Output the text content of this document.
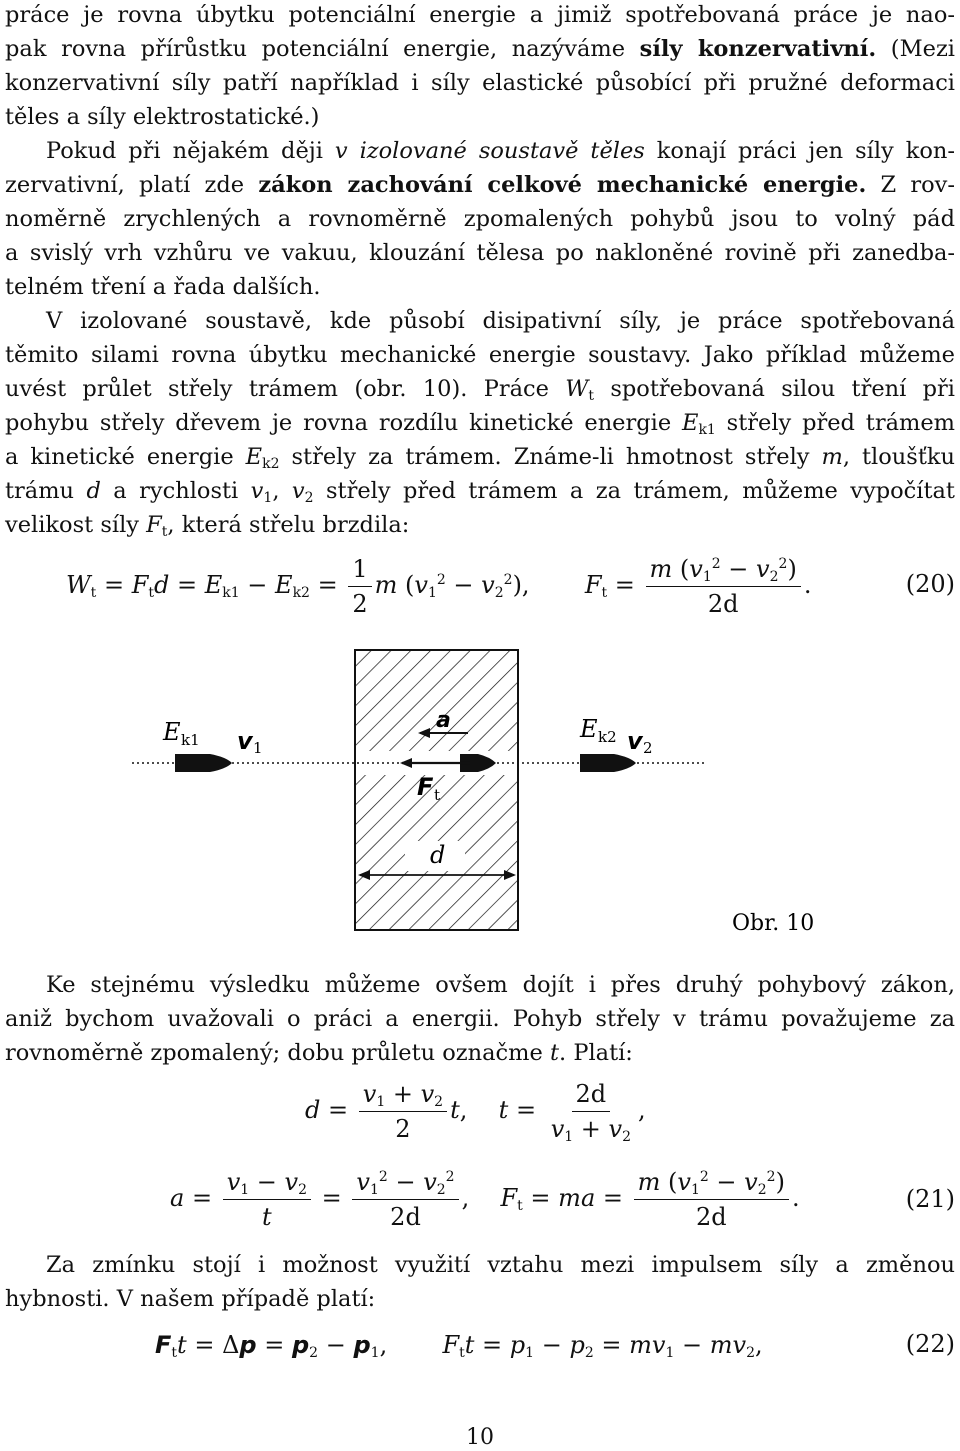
práce je rovna úbytku potenciální energie a jimiž spotřebovaná práce je nao-
pak rovna přírůstku potenciální energie, nazýváme síly konzervativní. (Mezi
konzervativní síly patří například i síly elastické působící při pružné deformaci
těles a síly elektrostatické.)
Pokud při nějakém ději v izolované soustavě těles konají práci jen síly kon-
zervativní, platí zde zákon zachování celkové mechanické energie. Z rov-
noměrně zrychlených a rovnoměrně zpomalených pohybů jsou to volný pád
a svislý vrh vzhůru ve vakuu, klouzání tělesa po nakloněné rovině při zanedba-
telném tření a řada dalších.
V izolované soustavě, kde působí disipativní síly, je práce spotřebovaná
těmito silami rovna úbytku mechanické energie soustavy. Jako příklad můžeme
uvést průlet střely trámem (obr. 10). Práce $W_t$ spotřebovaná silou tření při
pohybu střely dřevem je rovna rozdílu kinetické energie $E_{k1}$ střely před trámem
a kinetické energie $E_{k2}$ střely za trámem. Známe-li hmotnost střely m, tloušťku
trámu d a rychlosti $v_1$, $v_2$ střely před trámem a za trámem, můžeme vypočítat
velikost síly $F_t$, která střelu brzdila:
$W_t = F_td = E_{k1} - E_{k2} = \frac{1}{2}$ m $(v_1^2 - v_2^2)$,  $F_t = \frac{m (v_1^2 - v_2^2)}{2d}$ .	(20)
E k1 v 1
a
F t
E k2 v 2
d
Obr. 10
Ke stejnému výsledku můžeme ovšem dojít i přes druhý pohybový zákon,
aniž bychom uvažovali o práci a energii. Pohyb střely v trámu považujeme za
rovnoměrně zpomalený; dobu průletu označme t. Platí:
$d = \frac{v_1 + v_2}{2} t$,  $t = \frac{2d}{v_1 + v_2}$ ,
$a = \frac{v_1 - v_2}{t} = \frac{v_1^2 - v_2^2}{2d}$ ,  $F_t$ = ma = $\frac{m (v_1^2 - v_2^2)}{2d}$ .	(21)
Za zmínku stojí i možnost využití vztahu mezi impulsem síly a změnou
hybnosti. V našem případě platí:
$F_tt = \Delta p = p_2 - p_1$,  $F_tt = p_1 - p_2 = mv_1 - mv_2$,	(22)
10
